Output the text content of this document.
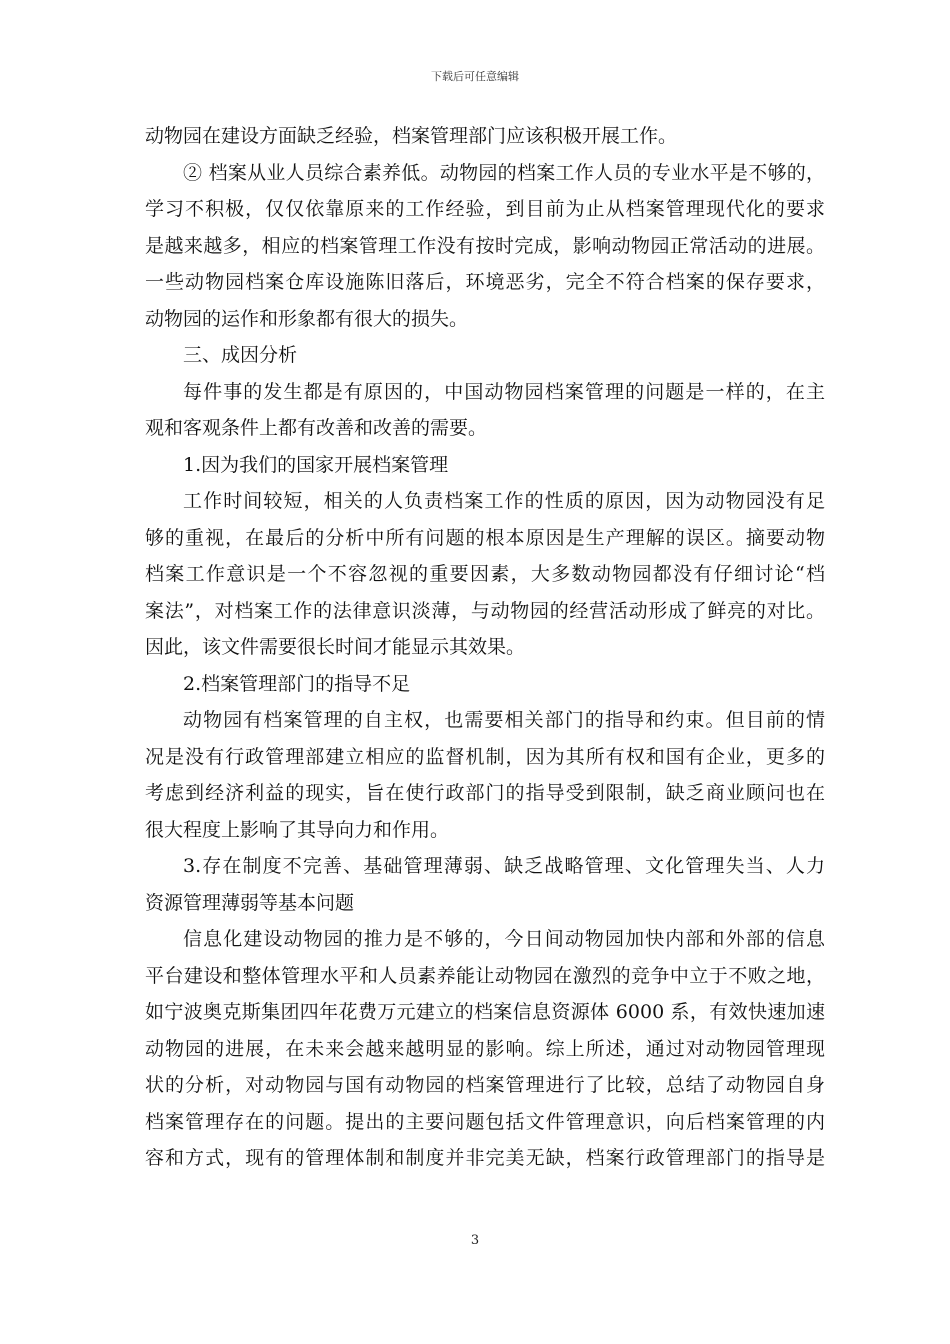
下载后可任意编辑
动物园在建设方面缺乏经验，档案管理部门应该积极开展工作。
② 档案从业人员综合素养低。动物园的档案工作人员的专业水平是不够的，
学习不积极，仅仅依靠原来的工作经验，到目前为止从档案管理现代化的要求
是越来越多，相应的档案管理工作没有按时完成，影响动物园正常活动的进展。
一些动物园档案仓库设施陈旧落后，环境恶劣，完全不符合档案的保存要求，
动物园的运作和形象都有很大的损失。
三、成因分析
每件事的发生都是有原因的，中国动物园档案管理的问题是一样的，在主
观和客观条件上都有改善和改善的需要。
1.因为我们的国家开展档案管理
工作时间较短，相关的人负责档案工作的性质的原因，因为动物园没有足
够的重视，在最后的分析中所有问题的根本原因是生产理解的误区。摘要动物
档案工作意识是一个不容忽视的重要因素，大多数动物园都没有仔细讨论“档
案法”，对档案工作的法律意识淡薄，与动物园的经营活动形成了鲜亮的对比。
因此，该文件需要很长时间才能显示其效果。
2.档案管理部门的指导不足
动物园有档案管理的自主权，也需要相关部门的指导和约束。但目前的情
况是没有行政管理部建立相应的监督机制，因为其所有权和国有企业，更多的
考虑到经济利益的现实，旨在使行政部门的指导受到限制，缺乏商业顾问也在
很大程度上影响了其导向力和作用。
3.存在制度不完善、基础管理薄弱、缺乏战略管理、文化管理失当、人力
资源管理薄弱等基本问题
信息化建设动物园的推力是不够的，今日间动物园加快内部和外部的信息
平台建设和整体管理水平和人员素养能让动物园在激烈的竞争中立于不败之地，
如宁波奥克斯集团四年花费万元建立的档案信息资源体 6000 系，有效快速加速
动物园的进展，在未来会越来越明显的影响。综上所述，通过对动物园管理现
状的分析，对动物园与国有动物园的档案管理进行了比较，总结了动物园自身
档案管理存在的问题。提出的主要问题包括文件管理意识，向后档案管理的内
容和方式，现有的管理体制和制度并非完美无缺，档案行政管理部门的指导是
3
